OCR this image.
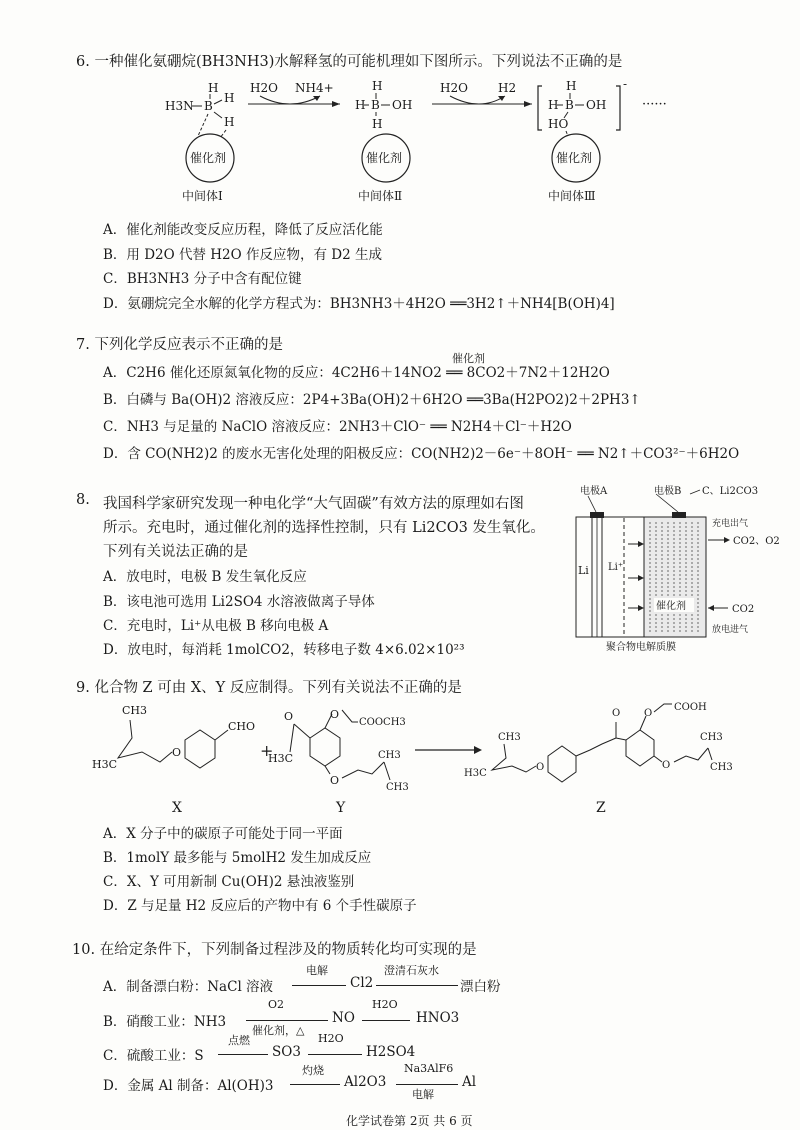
6. 一种催化氨硼烷(BH3NH3)水解释氢的可能机理如下图所示。下列说法不正确的是
H
H3N B
H
H
催化剂
中间体Ⅰ
H2O NH4+	H
H B OH
H
催化剂
中间体Ⅱ
H2O	H2	-
H
H B OH
HO
······
催化剂
中间体Ⅲ
A．催化剂能改变反应历程，降低了反应活化能
B．用 D2O 代替 H2O 作反应物，有 D2 生成
C．BH3NH3 分子中含有配位键
D．氨硼烷完全水解的化学方程式为：BH3NH3＋4H2O ══3H2↑＋NH4[B(OH)4]
7. 下列化学反应表示不正确的是
催化剂
A．C2H6 催化还原氮氧化物的反应：4C2H6＋14NO2 ══ 8CO2＋7N2＋12H2O
B．白磷与 Ba(OH)2 溶液反应：2P4+3Ba(OH)2＋6H2O ══3Ba(H2PO2)2＋2PH3↑
C．NH3 与足量的 NaClO 溶液反应：2NH3＋ClO⁻ ══ N2H4＋Cl⁻＋H2O
D．含 CO(NH2)2 的废水无害化处理的阳极反应：CO(NH2)2－6e⁻＋8OH⁻ ══ N2↑＋CO3²⁻＋6H2O
8. 我国科学家研究发现一种电化学“大气固碳”有效方法的原理如右图
所示。充电时，通过催化剂的选择性控制，只有 Li2CO3 发生氧化。
下列有关说法正确的是
A．放电时，电极 B 发生氧化反应
B．该电池可选用 Li2SO4 水溶液做离子导体
C．充电时，Li⁺从电极 B 移向电极 A
D．放电时，每消耗 1molCO2，转移电子数 4×6.02×10²³
电极A	电极B C、Li2CO3
Li Li⁺
催化剂
充电出气
CO2、O2
CO2
放电进气
聚合物电解质膜
9. 化合物 Z 可由 X、Y 反应制得。下列有关说法不正确的是
CH3
H3C
O
CHO
X
+
O
H3C
O
COOCH3
O
CH3
CH3
Y
CH3
H3C
O
O O
COOH
O
CH3
CH3
Z
A．X 分子中的碳原子可能处于同一平面
B．1molY 最多能与 5molH2 发生加成反应
C．X、Y 可用新制 Cu(OH)2 悬浊液鉴别
D．Z 与足量 H2 反应后的产物中有 6 个手性碳原子
10. 在给定条件下，下列制备过程涉及的物质转化均可实现的是
A．制备漂白粉：NaCl 溶液
电解
Cl2
澄清石灰水
漂白粉
B．硝酸工业：NH3
O2
催化剂，△
NO
H2O
HNO3
C．硫酸工业：S
点燃
SO3
H2O
H2SO4
D．金属 Al 制备：Al(OH)3
灼烧
Al2O3
Na3AlF6
电解
Al
化学试卷第 2页 共 6 页
